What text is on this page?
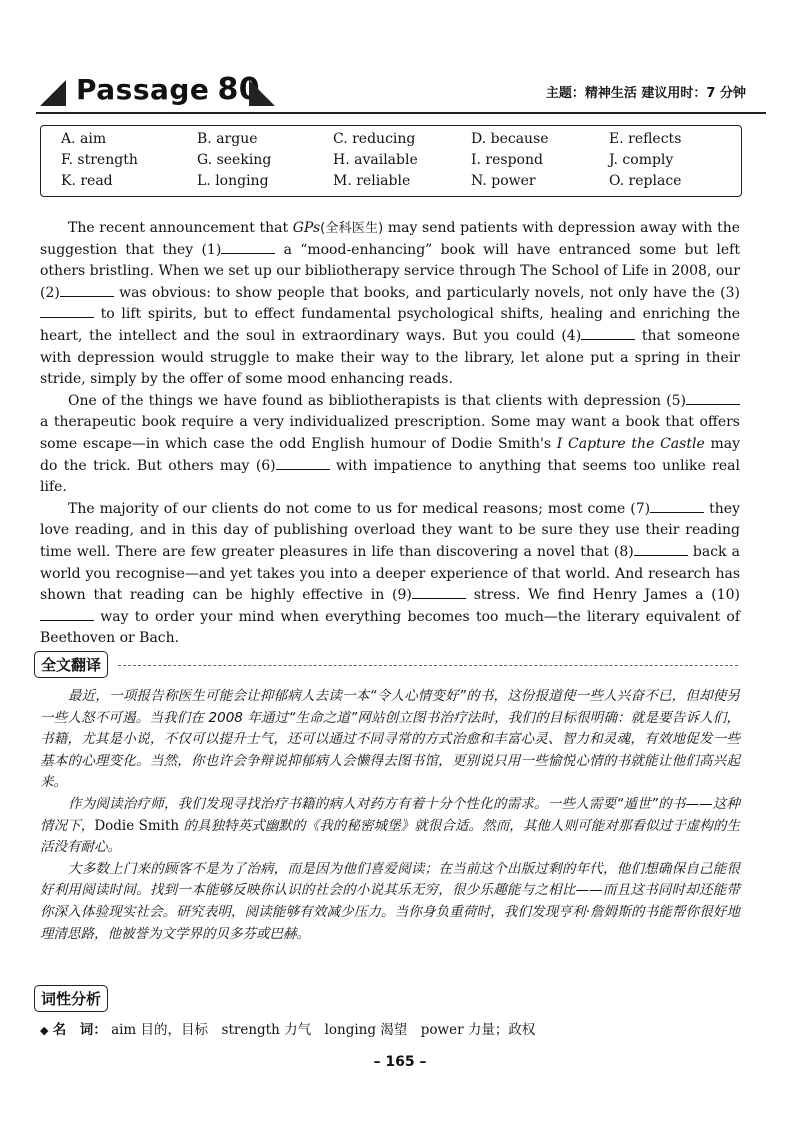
Passage 80	主题：精神生活 建议用时：7 分钟
A. aim	B. argue	C. reducing	D. because	E. reflects
F. strength	G. seeking	H. available	I. respond	J. comply
K. read	L. longing	M. reliable	N. power	O. replace

The recent announcement that GPs(全科医生) may send patients with depression away with the suggestion that they (1)	a “mood-enhancing” book will have entranced some but left others bristling. When we set up our bibliotherapy service through The School of Life in 2008, our (2)	was obvious: to show people that books, and particularly novels, not only have the (3) to lift spirits, but to effect fundamental psychological shifts, healing and enriching the heart, the intellect and the soul in extraordinary ways. But you could (4)	that someone with depression would struggle to make their way to the library, let alone put a spring in their stride, simply by the offer of some mood enhancing reads.

One of the things we have found as bibliotherapists is that clients with depression (5) a therapeutic book require a very individualized prescription. Some may want a book that offers some escape—in which case the odd English humour of Dodie Smith's I Capture the Castle may do the trick. But others may (6)	with impatience to anything that seems too unlike real life.

The majority of our clients do not come to us for medical reasons; most come (7)	they love reading, and in this day of publishing overload they want to be sure they use their reading time well. There are few greater pleasures in life than discovering a novel that (8)	back a world you recognise—and yet takes you into a deeper experience of that world. And research has shown that reading can be highly effective in (9)	stress. We find Henry James a (10) way to order your mind when everything becomes too much—the literary equivalent of Beethoven or Bach.

全文翻译

最近，一项报告称医生可能会让抑郁病人去读一本“令人心情变好”的书，这份报道使一些人兴奋不已，但却使另一些人怒不可遏。当我们在 2008 年通过“生命之道”网站创立图书治疗法时，我们的目标很明确：就是要告诉人们，书籍，尤其是小说，不仅可以提升士气，还可以通过不同寻常的方式治愈和丰富心灵、智力和灵魂，有效地促发一些基本的心理变化。当然，你也许会争辩说抑郁病人会懒得去图书馆，更别说只用一些愉悦心情的书就能让他们高兴起来。

作为阅读治疗师，我们发现寻找治疗书籍的病人对药方有着十分个性化的需求。一些人需要“遁世”的书——这种情况下，Dodie Smith 的具独特英式幽默的《我的秘密城堡》就很合适。然而，其他人则可能对那看似过于虚构的生活没有耐心。

大多数上门来的顾客不是为了治病，而是因为他们喜爱阅读；在当前这个出版过剩的年代，他们想确保自己能很好利用阅读时间。找到一本能够反映你认识的社会的小说其乐无穷，很少乐趣能与之相比——而且这书同时却还能带你深入体验现实社会。研究表明，阅读能够有效减少压力。当你身负重荷时，我们发现亨利·詹姆斯的书能帮你很好地理清思路，他被誉为文学界的贝多芬或巴赫。

词性分析
◆ 名　词： aim 目的，目标　strength 力气　longing 渴望　power 力量；政权
– 165 –
